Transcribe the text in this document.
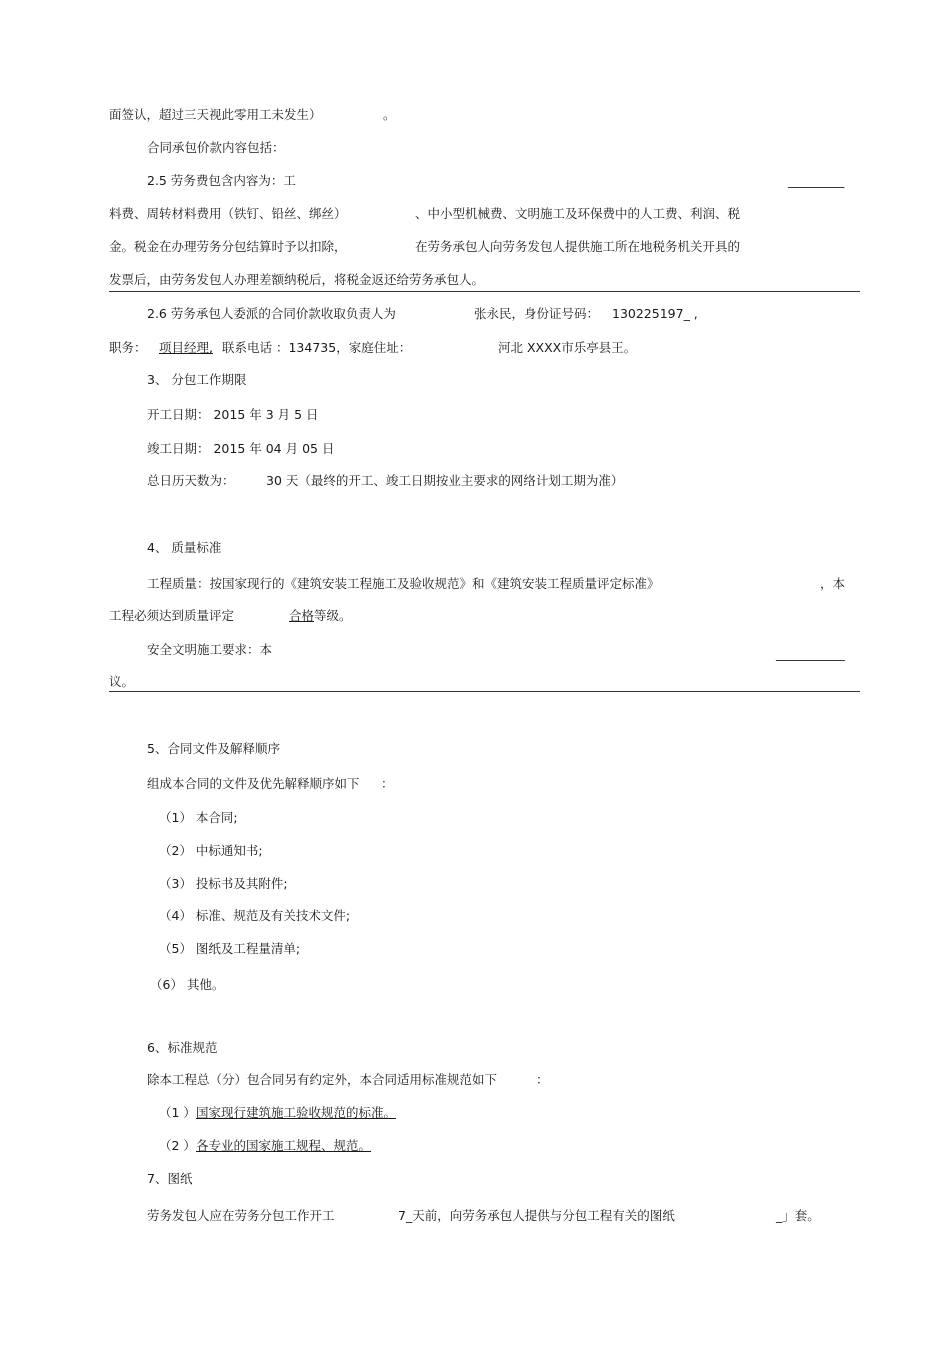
面签认，超过三天视此零用工未发生）	。
合同承包价款内容包括：
2.5 劳务费包含内容为：工	_________
料费、周转材料费用（铁钉、铅丝、绑丝）	、中小型机械费、文明施工及环保费中的人工费、利润、税
金。税金在办理劳务分包结算时予以扣除，	在劳务承包人向劳务发包人提供施工所在地税务机关开具的
发票后，由劳务发包人办理差额纳税后，将税金返还给劳务承包人。
2.6 劳务承包人委派的合同价款收取负责人为	张永民，身份证号码： 130225197_ ,
职务： 项目经理, 联系电话 ：134735，家庭住址：	河北 XXXX市乐亭县王。
3、 分包工作期限
开工日期： 2015 年 3 月 5 日
竣工日期： 2015 年 04 月 05 日
总日历天数为：	30 天（最终的开工、竣工日期按业主要求的网络计划工期为准）
4、 质量标准
工程质量：按国家现行的《建筑安装工程施工及验收规范》和《建筑安装工程质量评定标准》	，本
工程必须达到质量评定	合格 等级。
安全文明施工要求：本	___________
议。
5、合同文件及解释顺序
组成本合同的文件及优先解释顺序如下 ：
（1） 本合同;
（2） 中标通知书;
（3） 投标书及其附件;
（4） 标准、规范及有关技术文件;
（5） 图纸及工程量清单;
（6） 其他。
6、标准规范
除本工程总（分）包合同另有约定外，本合同适用标准规范如下	：
（1 ） 国家现行建筑施工验收规范的标准。
（2 ） 各专业的国家施工规程、规范。
7、图纸
劳务发包人应在劳务分包工作开工	7_天前，向劳务承包人提供与分包工程有关的图纸	_」套。
